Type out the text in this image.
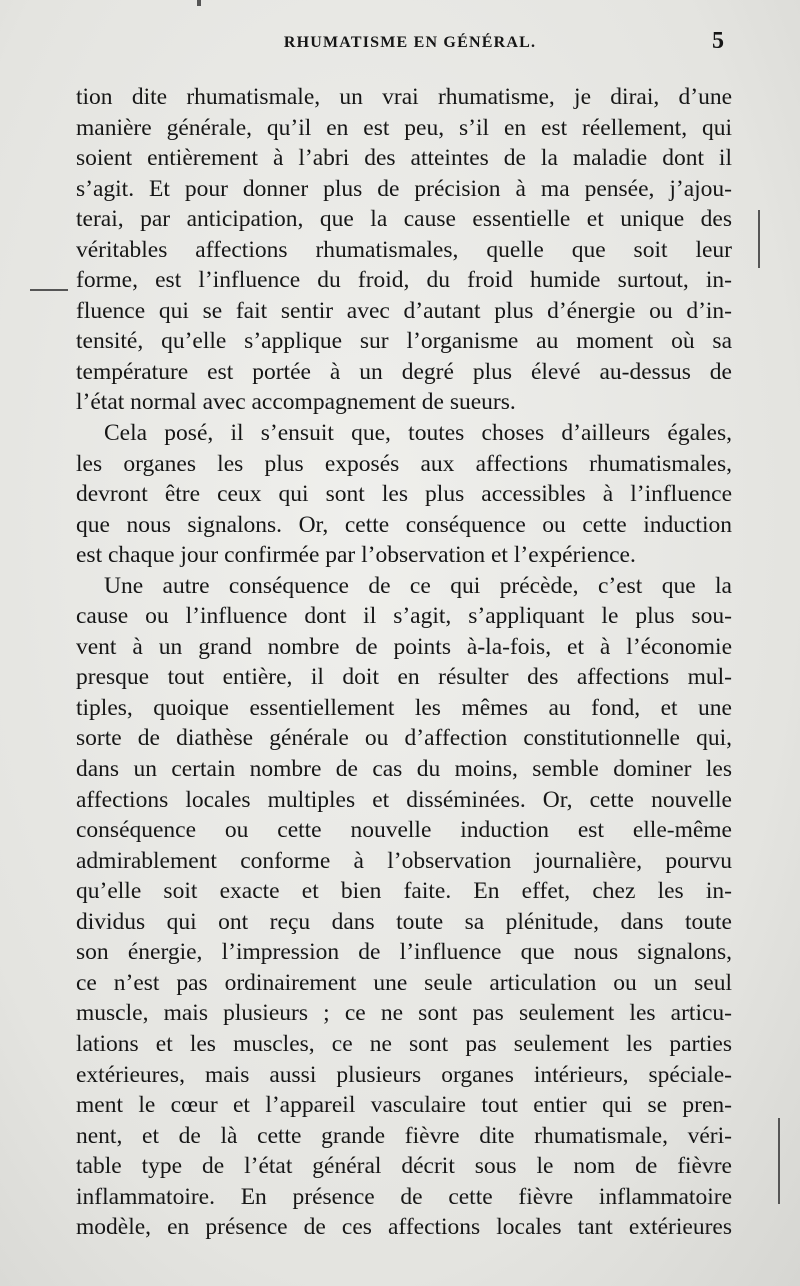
RHUMATISME EN GÉNÉRAL.	5
tion dite rhumatismale, un vrai rhumatisme, je dirai, d’une
manière générale, qu’il en est peu, s’il en est réellement, qui
soient entièrement à l’abri des atteintes de la maladie dont il
s’agit. Et pour donner plus de précision à ma pensée, j’ajou-
terai, par anticipation, que la cause essentielle et unique des
véritables affections rhumatismales, quelle que soit leur
forme, est l’influence du froid, du froid humide surtout, in-
fluence qui se fait sentir avec d’autant plus d’énergie ou d’in-
tensité, qu’elle s’applique sur l’organisme au moment où sa
température est portée à un degré plus élevé au-dessus de
l’état normal avec accompagnement de sueurs.
Cela posé, il s’ensuit que, toutes choses d’ailleurs égales,
les organes les plus exposés aux affections rhumatismales,
devront être ceux qui sont les plus accessibles à l’influence
que nous signalons. Or, cette conséquence ou cette induction
est chaque jour confirmée par l’observation et l’expérience.
Une autre conséquence de ce qui précède, c’est que la
cause ou l’influence dont il s’agit, s’appliquant le plus sou-
vent à un grand nombre de points à-la-fois, et à l’économie
presque tout entière, il doit en résulter des affections mul-
tiples, quoique essentiellement les mêmes au fond, et une
sorte de diathèse générale ou d’affection constitutionnelle qui,
dans un certain nombre de cas du moins, semble dominer les
affections locales multiples et disséminées. Or, cette nouvelle
conséquence ou cette nouvelle induction est elle-même
admirablement conforme à l’observation journalière, pourvu
qu’elle soit exacte et bien faite. En effet, chez les in-
dividus qui ont reçu dans toute sa plénitude, dans toute
son énergie, l’impression de l’influence que nous signalons,
ce n’est pas ordinairement une seule articulation ou un seul
muscle, mais plusieurs ; ce ne sont pas seulement les articu-
lations et les muscles, ce ne sont pas seulement les parties
extérieures, mais aussi plusieurs organes intérieurs, spéciale-
ment le cœur et l’appareil vasculaire tout entier qui se pren-
nent, et de là cette grande fièvre dite rhumatismale, véri-
table type de l’état général décrit sous le nom de fièvre
inflammatoire. En présence de cette fièvre inflammatoire
modèle, en présence de ces affections locales tant extérieures
